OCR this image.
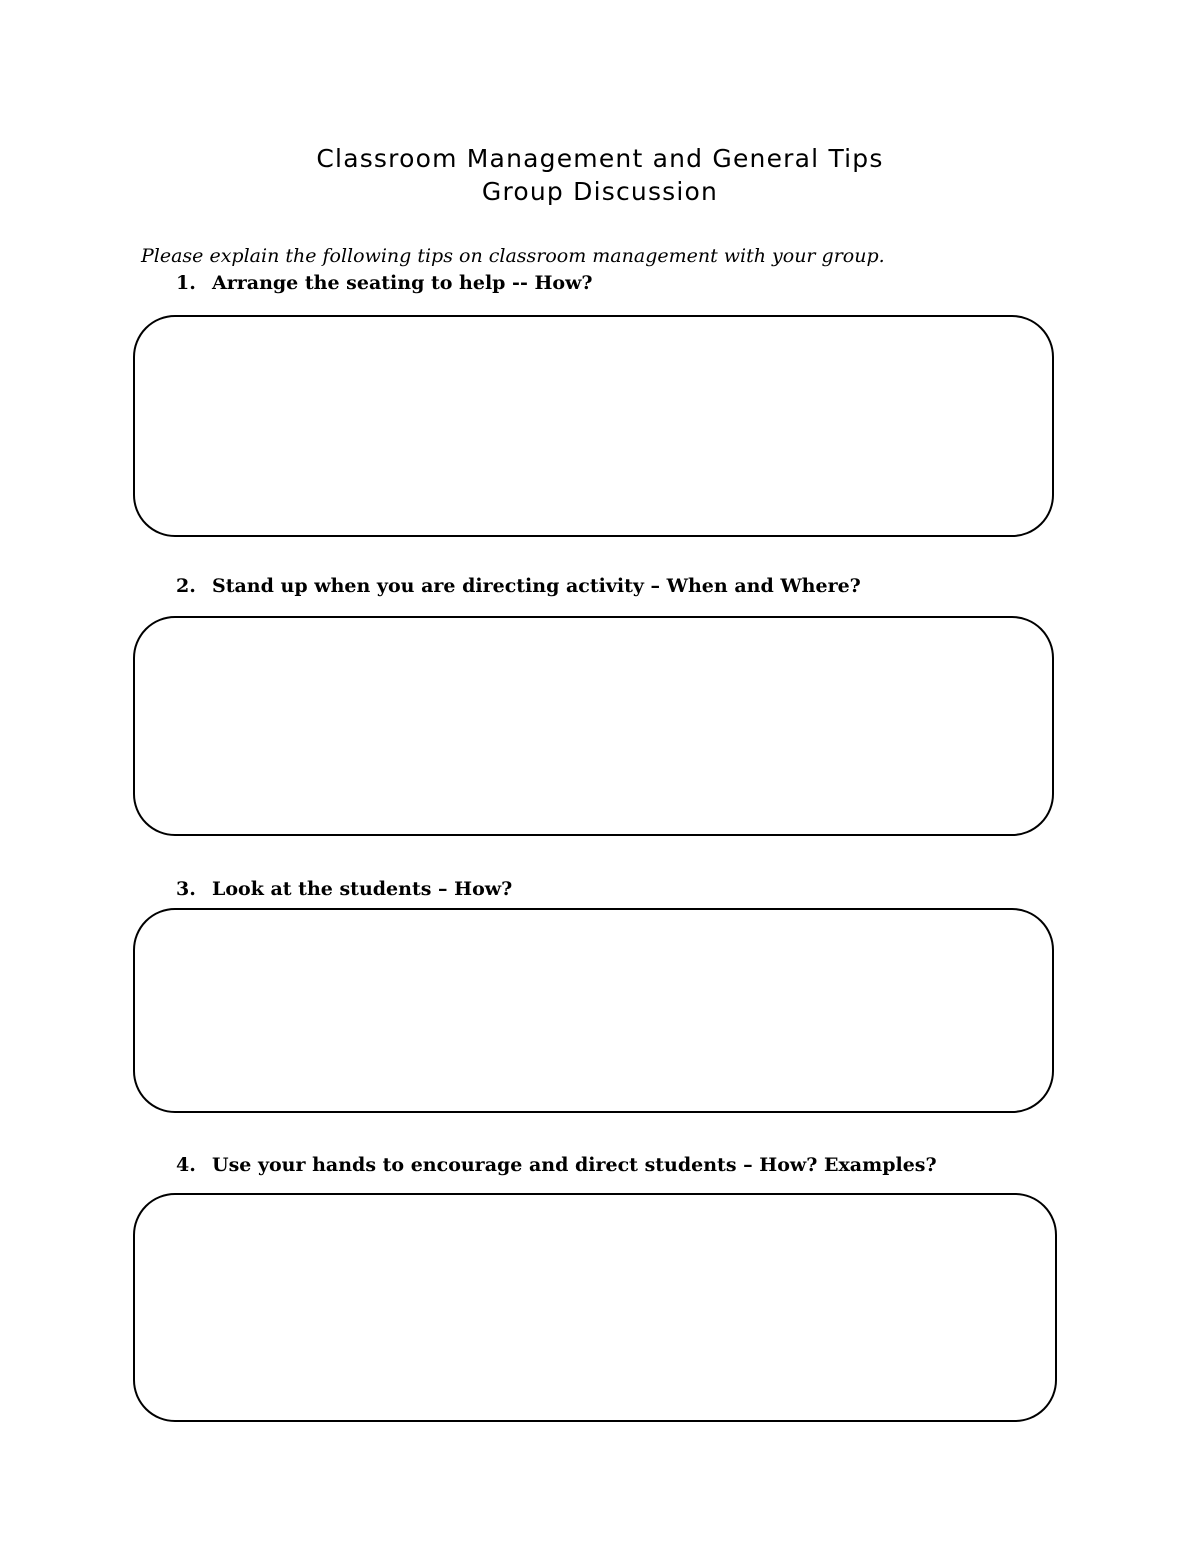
Classroom Management and General Tips
Group Discussion
Please explain the following tips on classroom management with your group.
1. Arrange the seating to help -- How?
2. Stand up when you are directing activity – When and Where?
3. Look at the students – How?
4. Use your hands to encourage and direct students – How? Examples?
